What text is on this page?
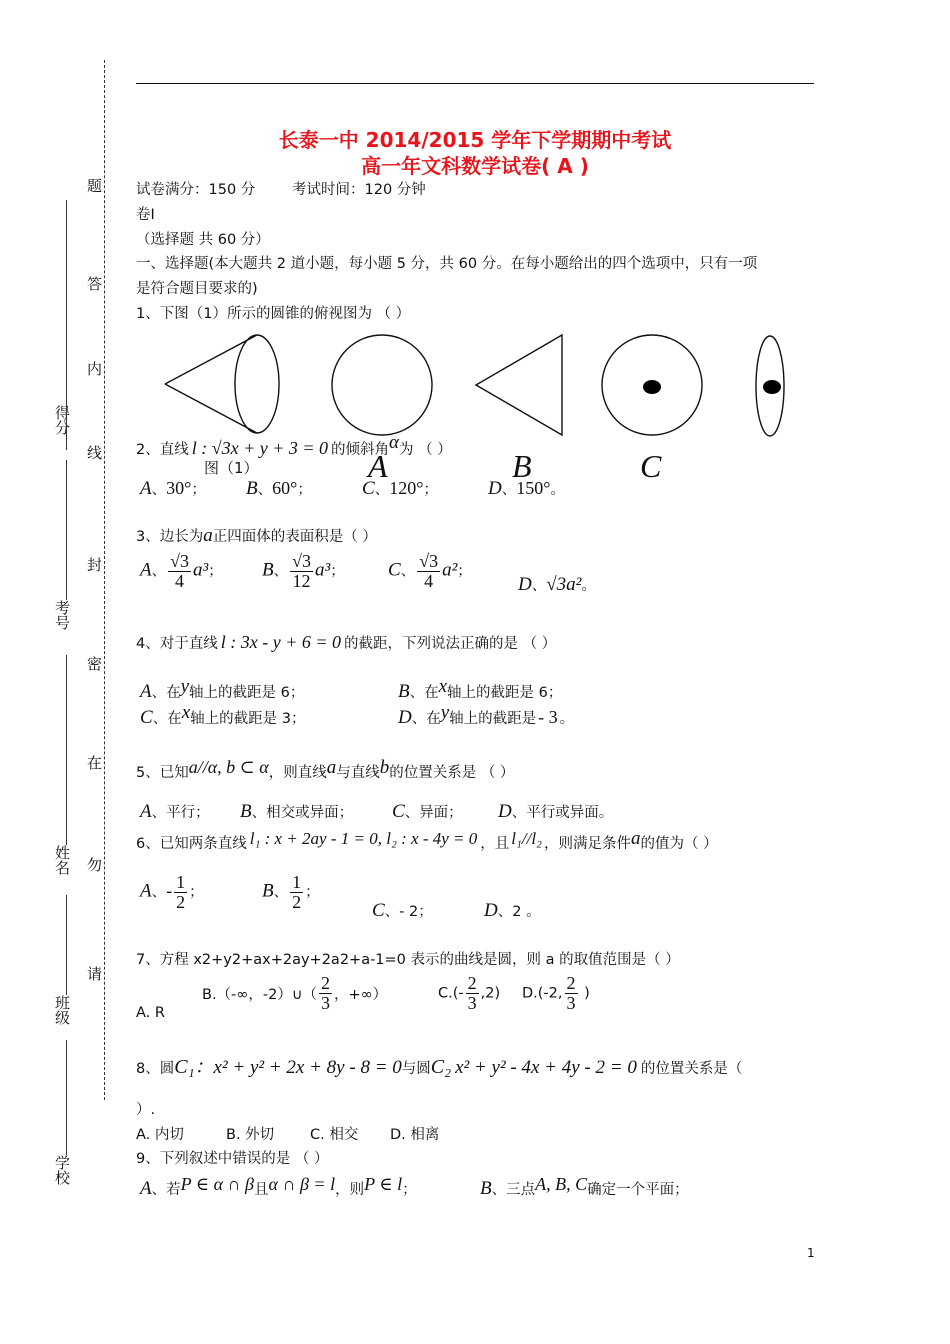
题
答
内
线
封
密
在
勿
请
得分
考号
姓名
班级
学校
长泰一中 2014/2015 学年下学期期中考试
高一年文科数学试卷( A )
试卷满分：150 分	考试时间：120 分钟
卷I
（选择题 共 60 分）
一、选择题(本大题共 2 道小题，每小题 5 分，共 60 分。在每小题给出的四个选项中，只有一项
是符合题目要求的)
1、下图（1）所示的圆锥的俯视图为 （ ）
图（1）	A	B	C
2、直线 l : √3x + y + 3 = 0 的倾斜角α为 （ ）
A、30°； B、60°；	C、120°；	D、150°。
3、边长为a正四面体的表面积是（ ）
A、 $\frac{√3}{4} a^3$； B、 $\frac{√3}{12} a^3$； C、 $\frac{√3}{4} a^2$；
D、√3a²。
4、对于直线 l : 3x - y + 6 = 0 的截距，下列说法正确的是 （ ）
A、在y轴上的截距是 6；	B、在x轴上的截距是 6；
C、在x轴上的截距是 3；	D、在y轴上的截距是 - 3 。
5、已知a//α, b ⊂ α，则直线a与直线b的位置关系是 （ ）
A、平行； B、相交或异面； C、异面； D、平行或异面。
6、已知两条直线 l₁ : x + 2ay - 1 = 0, l₂ : x - 4y = 0 ，且 l₁//l₂ ，则满足条件a的值为（ ）
A、- $\frac{1}{2}$ ；	B、 $\frac{1}{2}$ ；
C、- 2；	D、2 。
7、方程 x2+y2+ax+2ay+2a2+a-1=0 表示的曲线是圆，则 a 的取值范围是（ ）
A. R
B.（-∞，-2）∪（ $\frac{2}{3}$ ，+∞）	$C.(- \frac{2}{3} ,2)$ D.(-2, $\frac{2}{3}$ )
8、圆C₁：x² + y² + 2x + 8y - 8 = 0与圆C₂ x² + y² - 4x + 4y - 2 = 0 的位置关系是（
）.
A. 内切	B. 外切 C. 相交 D. 相离
9、下列叙述中错误的是 （ ）
A、若P ∈ α ∩ β且α ∩ β = l，则P ∈ l；	B、三点A, B, C确定一个平面；
1
